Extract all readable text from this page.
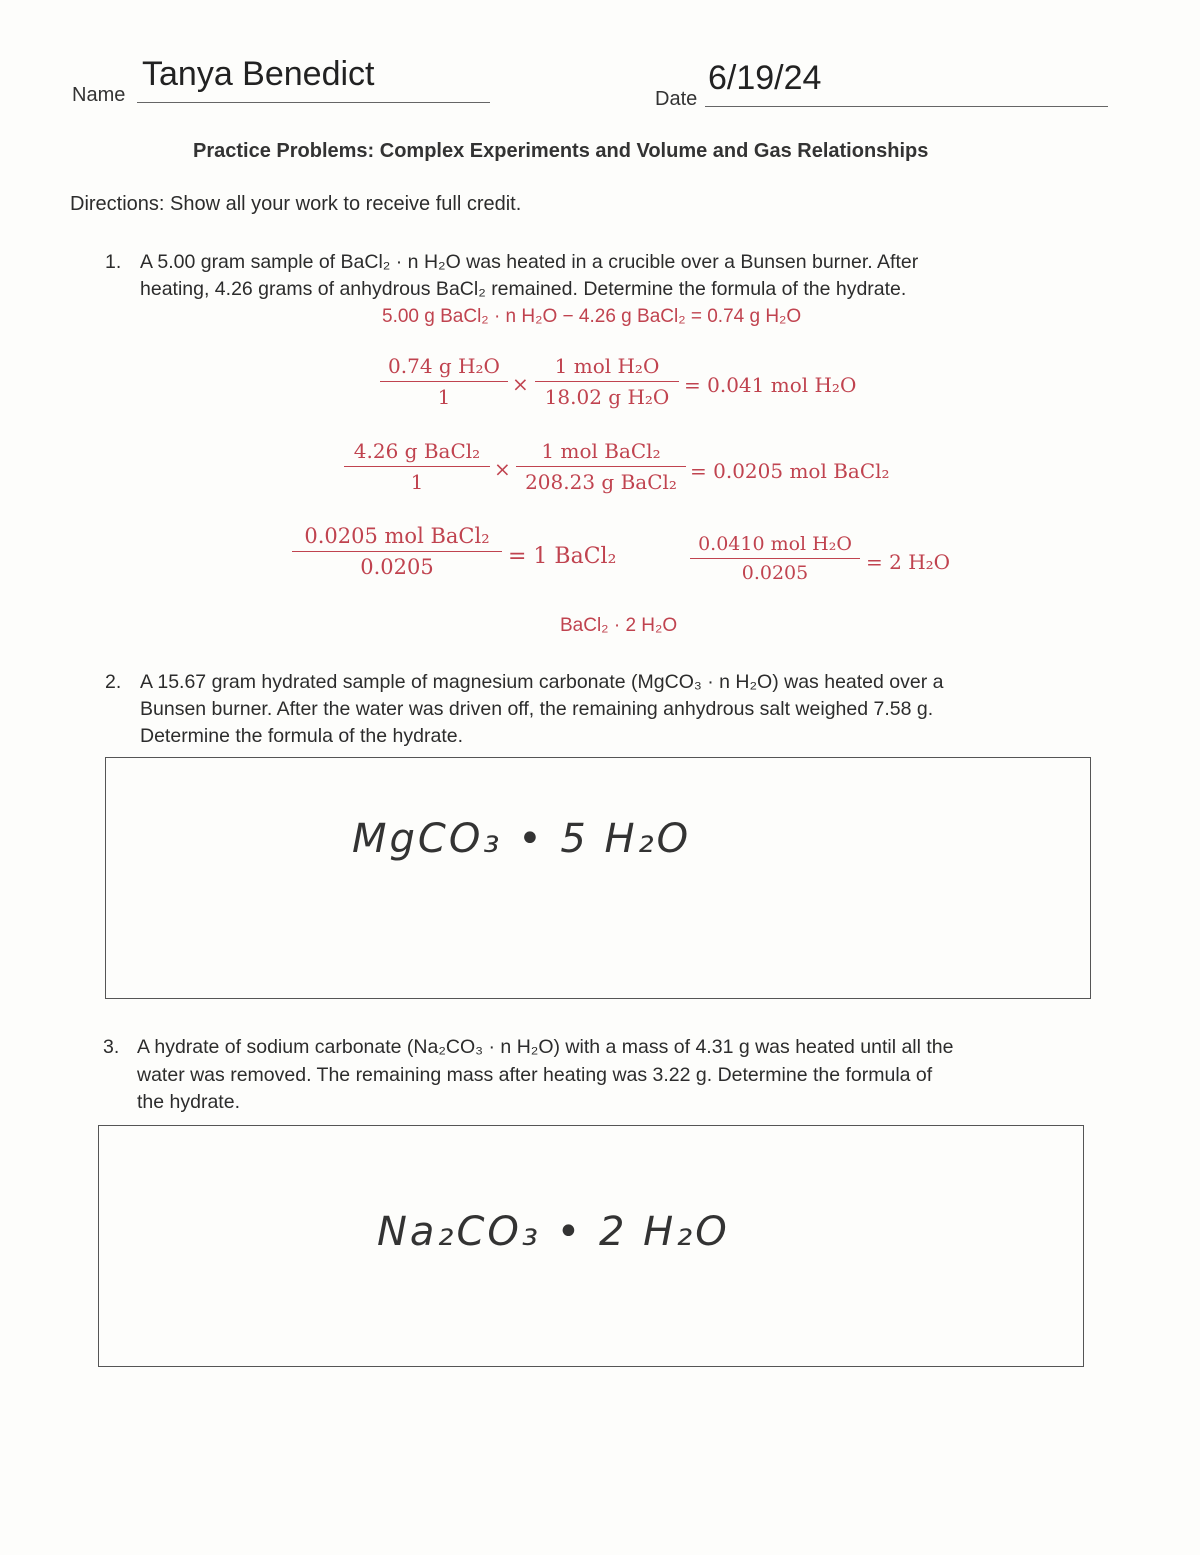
Name
Tanya Benedict
Date
6/19/24
Practice Problems: Complex Experiments and Volume and Gas Relationships
Directions: Show all your work to receive full credit.
1. A 5.00 gram sample of BaCl₂ · n H₂O was heated in a crucible over a Bunsen burner. After
heating, 4.26 grams of anhydrous BaCl₂ remained. Determine the formula of the hydrate.
5.00 g BaCl₂ · n H₂O − 4.26 g BaCl₂ = 0.74 g H₂O
0.74 g H₂O
1
×
1 mol H₂O
18.02 g H₂O = 0.041 mol H₂O
4.26 g BaCl₂
1
×
1 mol BaCl₂
208.23 g BaCl₂ = 0.0205 mol BaCl₂
0.0205 mol BaCl₂
0.0205	= 1 BaCl₂	0.0410 mol H₂O
0.0205	= 2 H₂O
BaCl₂ · 2 H₂O
2. A 15.67 gram hydrated sample of magnesium carbonate (MgCO₃ · n H₂O) was heated over a
Bunsen burner. After the water was driven off, the remaining anhydrous salt weighed 7.58 g.
Determine the formula of the hydrate.
MgCO₃ • 5 H₂O
3. A hydrate of sodium carbonate (Na₂CO₃ · n H₂O) with a mass of 4.31 g was heated until all the
water was removed. The remaining mass after heating was 3.22 g. Determine the formula of
the hydrate.
Na₂CO₃ • 2 H₂O
